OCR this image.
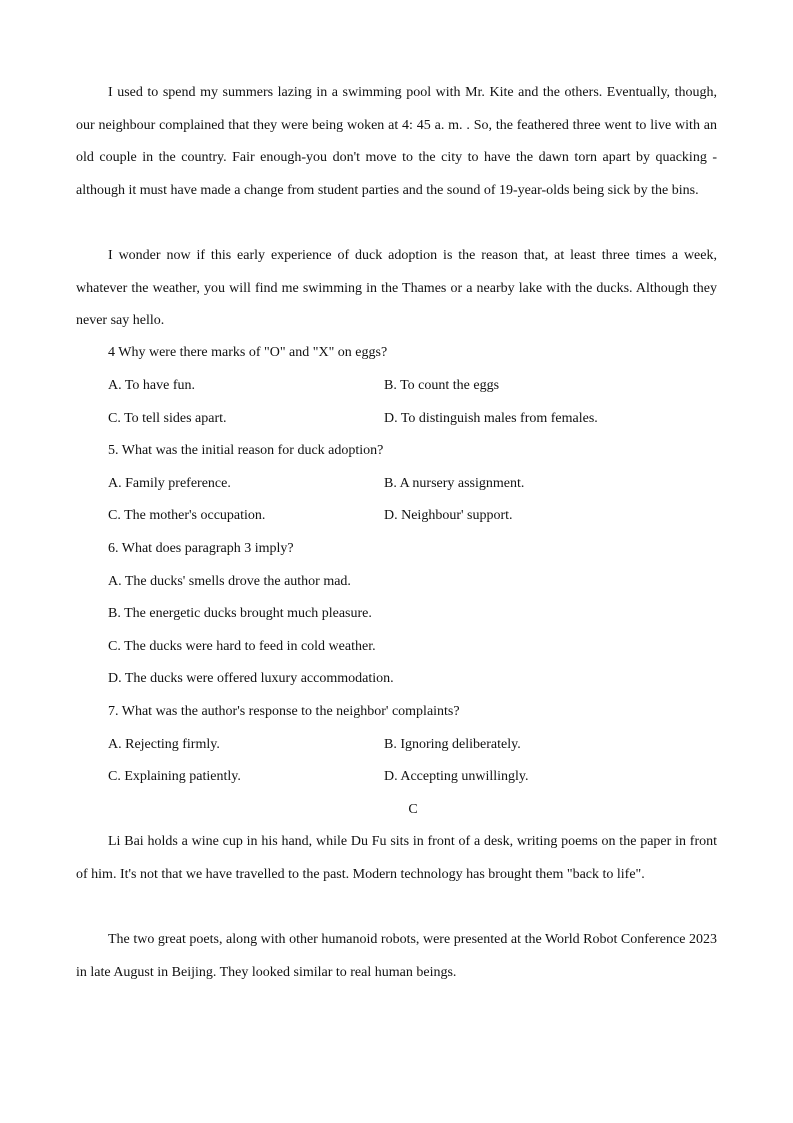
I used to spend my summers lazing in a swimming pool with Mr. Kite and the others. Eventually, though, our neighbour complained that they were being woken at 4: 45 a. m. . So, the feathered three went to live with an old couple in the country. Fair enough-you don't move to the city to have the dawn torn apart by quacking -although it must have made a change from student parties and the sound of 19-year-olds being sick by the bins.

I wonder now if this early experience of duck adoption is the reason that, at least three times a week, whatever the weather, you will find me swimming in the Thames or a nearby lake with the ducks. Although they never say hello.

4 Why were there marks of "O" and "X" on eggs?
A. To have fun.	B. To count the eggs
C. To tell sides apart.	D. To distinguish males from females.
5. What was the initial reason for duck adoption?
A. Family preference.	B. A nursery assignment.
C. The mother's occupation.	D. Neighbour' support.
6. What does paragraph 3 imply?
A. The ducks' smells drove the author mad.
B. The energetic ducks brought much pleasure.
C. The ducks were hard to feed in cold weather.
D. The ducks were offered luxury accommodation.
7. What was the author's response to the neighbor' complaints?
A. Rejecting firmly.	B. Ignoring deliberately.
C. Explaining patiently.	D. Accepting unwillingly.
C

Li Bai holds a wine cup in his hand, while Du Fu sits in front of a desk, writing poems on the paper in front of him. It's not that we have travelled to the past. Modern technology has brought them "back to life".

The two great poets, along with other humanoid robots, were presented at the World Robot Conference 2023 in late August in Beijing. They looked similar to real human beings.
